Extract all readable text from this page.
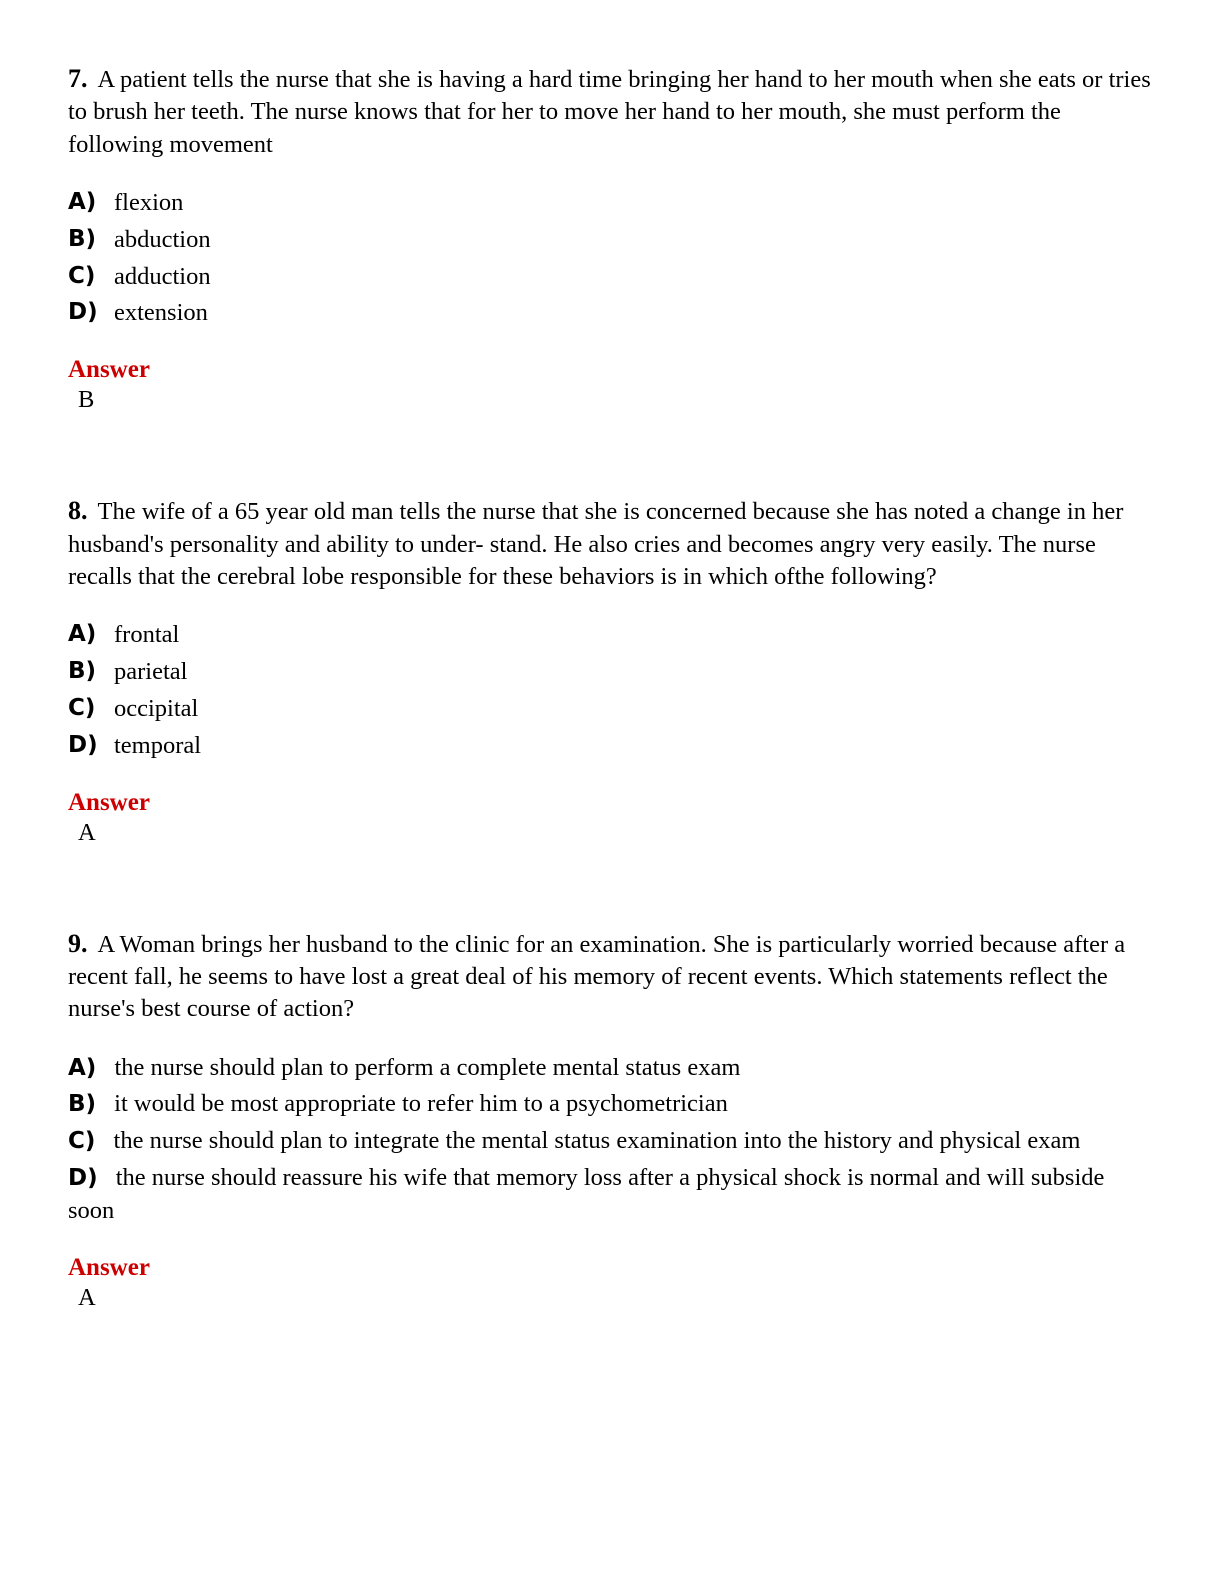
7. A patient tells the nurse that she is having a hard time bringing her hand to her mouth when she eats or tries to brush her teeth. The nurse knows that for her to move her hand to her mouth, she must perform the following movement

A) flexion
B) abduction
C) adduction
D) extension
Answer
B

8. The wife of a 65 year old man tells the nurse that she is concerned because she has noted a change in her husband's personality and ability to under- stand. He also cries and becomes angry very easily. The nurse recalls that the cerebral lobe responsible for these behaviors is in which ofthe following?

A) frontal
B) parietal
C) occipital
D) temporal
Answer
A

9. A Woman brings her husband to the clinic for an examination. She is particularly worried because after a recent fall, he seems to have lost a great deal of his memory of recent events. Which statements reflect the nurse's best course of action?

A) the nurse should plan to perform a complete mental status exam
B) it would be most appropriate to refer him to a psychometrician
C) the nurse should plan to integrate the mental status examination into the history and physical exam
D) the nurse should reassure his wife that memory loss after a physical shock is normal and will subside soon
Answer
A
